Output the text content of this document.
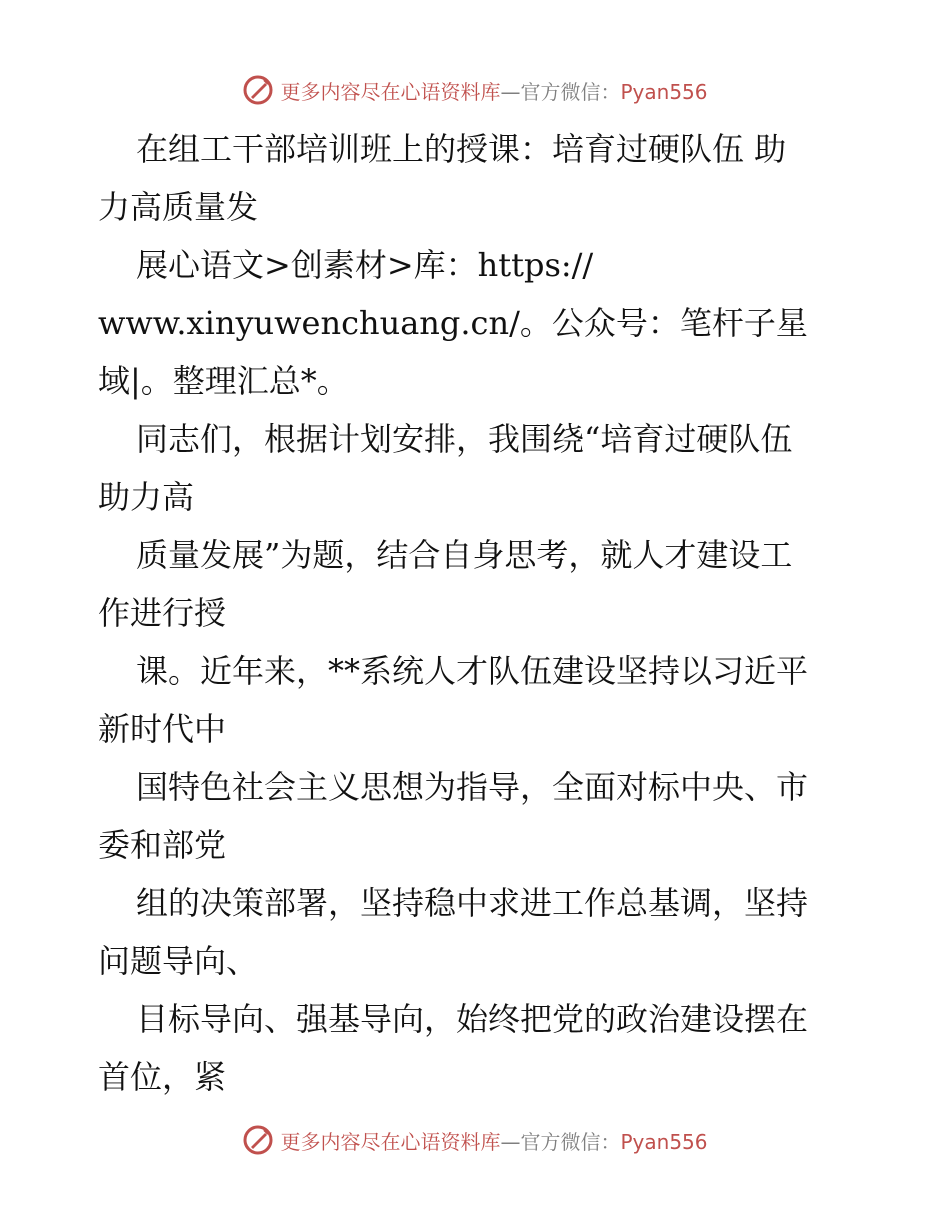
更多内容尽在心语资料库—官方微信：Pyan556
在组工干部培训班上的授课：培育过硬队伍 助
力高质量发
展心语文>创素材>库：https://
www.xinyuwenchuang.cn/。公众号：笔杆子星
域|。整理汇总*。
同志们，根据计划安排，我围绕“培育过硬队伍
助力高
质量发展”为题，结合自身思考，就人才建设工
作进行授
课。近年来，**系统人才队伍建设坚持以习近平
新时代中
国特色社会主义思想为指导，全面对标中央、市
委和部党
组的决策部署，坚持稳中求进工作总基调，坚持
问题导向、
目标导向、强基导向，始终把党的政治建设摆在
首位，紧
更多内容尽在心语资料库—官方微信：Pyan556
